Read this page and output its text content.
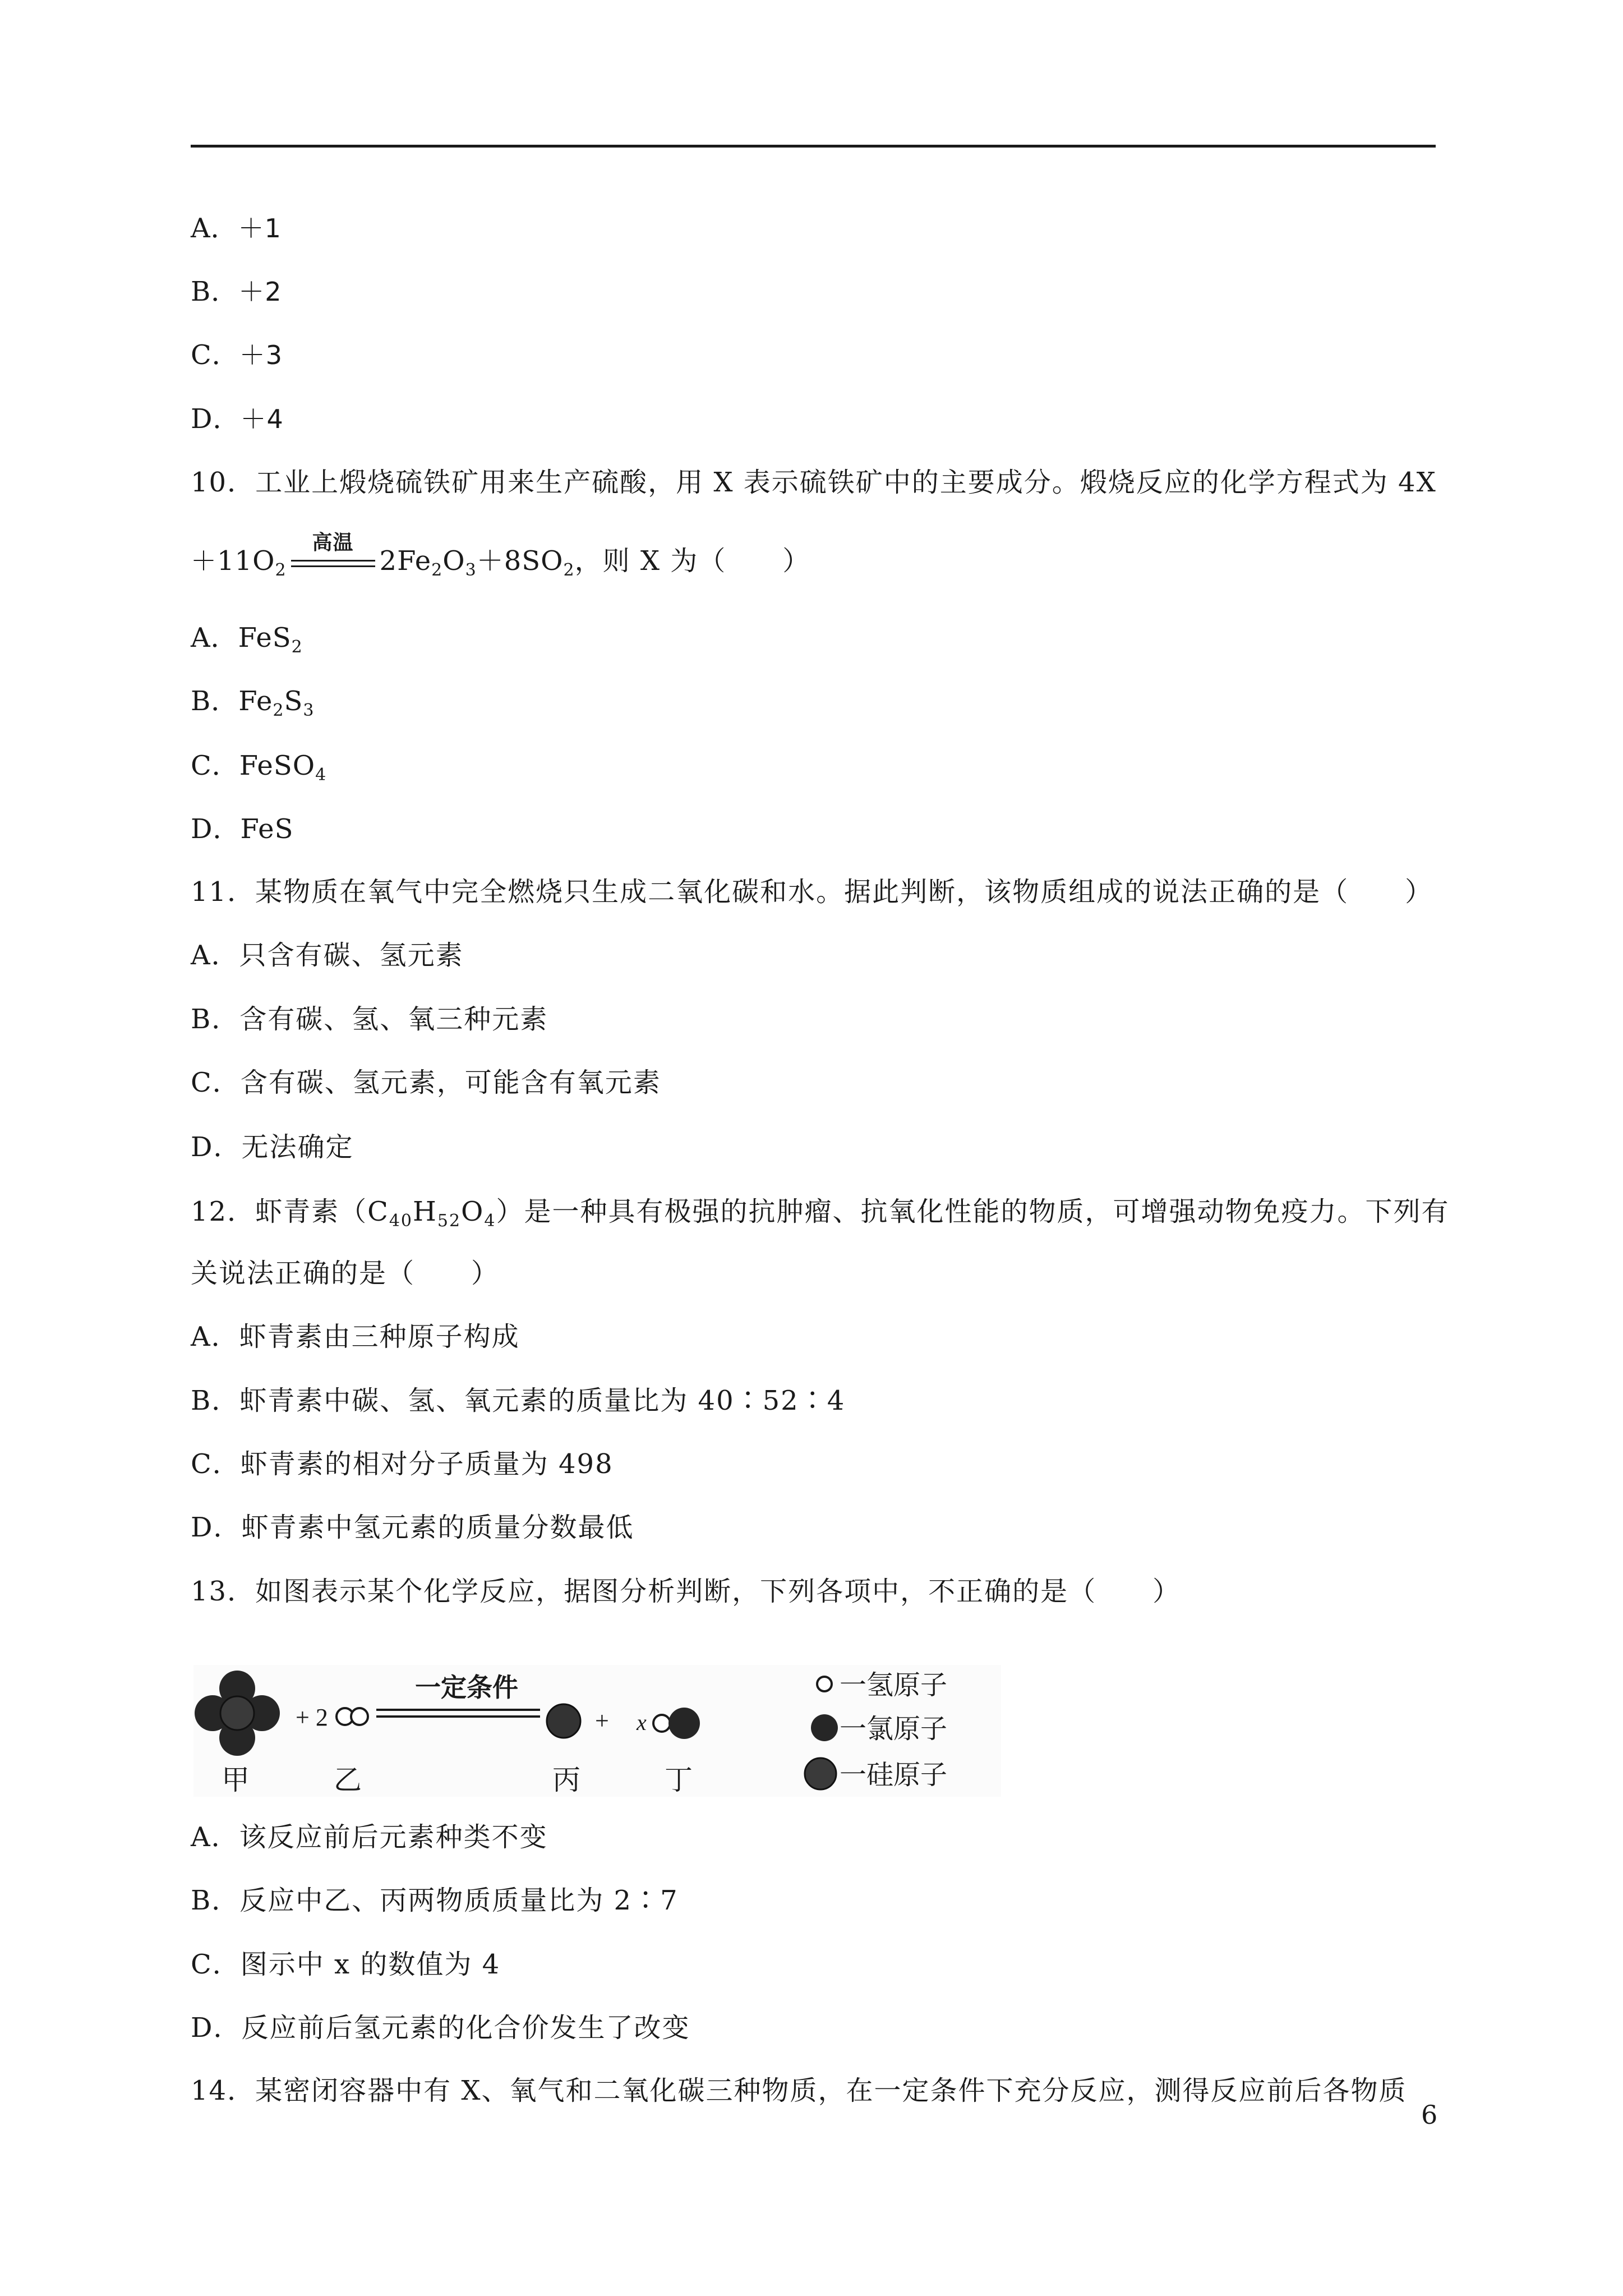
A．＋1
B．＋2
C．＋3
D．＋4
10．工业上煅烧硫铁矿用来生产硫酸，用 X 表示硫铁矿中的主要成分。煅烧反应的化学方程式为 4X
$+11O_2$
高温
$2Fe_2O_3+8SO_2$，则 X 为（　　）
A．FeS$_2$
B．$Fe_2S_3$
C．FeSO$_4$
D．FeS
11．某物质在氧气中完全燃烧只生成二氧化碳和水。据此判断，该物质组成的说法正确的是（　　）
A．只含有碳、氢元素
B．含有碳、氢、氧三种元素
C．含有碳、氢元素，可能含有氧元素
D．无法确定
12．虾青素$(C_{40}H_{52}O_4)$是一种具有极强的抗肿瘤、抗氧化性能的物质，可增强动物免疫力。下列有
关说法正确的是（　　）
A．虾青素由三种原子构成
B．虾青素中碳、氢、氧元素的质量比为 40∶52∶4
C．虾青素的相对分子质量为 498
D．虾青素中氢元素的质量分数最低
13．如图表示某个化学反应，据图分析判断，下列各项中，不正确的是（　　）
+ 2
一定条件
+ x

一氢原子
一氯原子
一硅原子
甲	乙	丙	丁
A．该反应前后元素种类不变
B．反应中乙、丙两物质质量比为 2∶7
C．图示中 x 的数值为 4
D．反应前后氢元素的化合价发生了改变
14．某密闭容器中有 X、氧气和二氧化碳三种物质，在一定条件下充分反应，测得反应前后各物质
6
